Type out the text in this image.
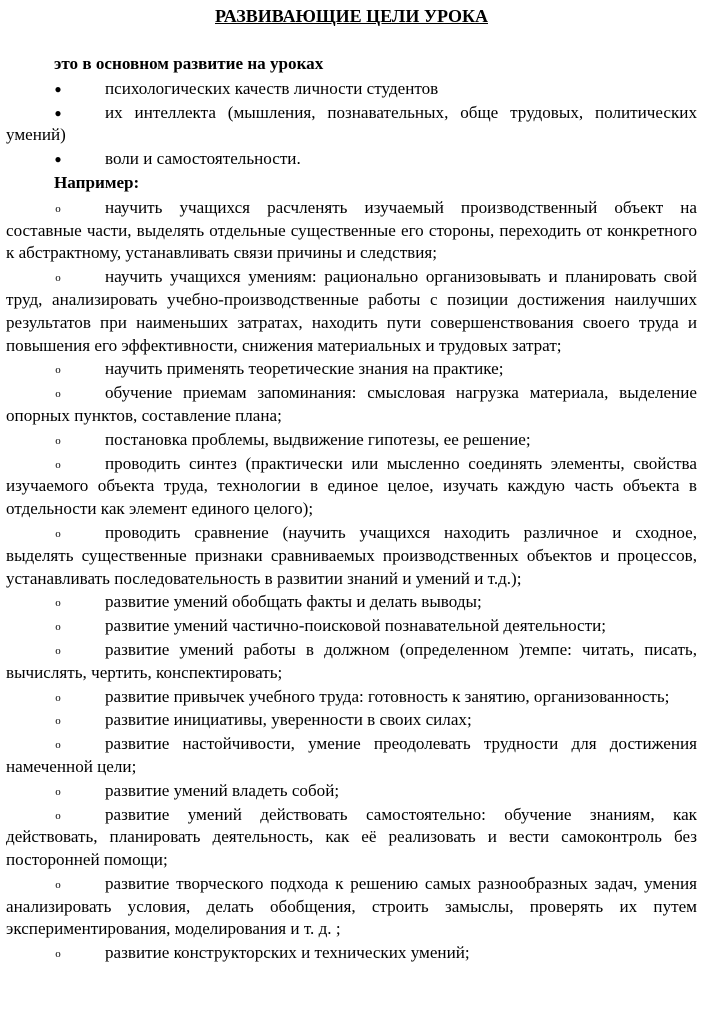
РАЗВИВАЮЩИЕ ЦЕЛИ УРОКА
это в основном развитие на уроках
●	психологических качеств личности студентов
●	их интеллекта (мышления, познавательных, обще трудовых, политических умений)
●	воли и самостоятельности.
Например:
o	научить учащихся расчленять изучаемый производственный объект на составные части, выделять отдельные существенные его стороны, переходить от конкретного к абстрактному, устанавливать связи причины и следствия;
o	научить учащихся умениям: рационально организовывать и планировать свой труд, анализировать учебно-производственные работы с позиции достижения наилучших результатов при наименьших затратах, находить пути совершенствования своего труда и повышения его эффективности, снижения материальных и трудовых затрат;
o	научить применять теоретические знания на практике;
o	обучение приемам запоминания: смысловая нагрузка материала, выделение опорных пунктов, составление плана;
o	постановка проблемы, выдвижение гипотезы, ее решение;
o	проводить синтез (практически или мысленно соединять элементы, свойства изучаемого объекта труда, технологии в единое целое, изучать каждую часть объекта в отдельности как элемент единого целого);
o	проводить сравнение (научить учащихся находить различное и сходное, выделять существенные признаки сравниваемых производственных объектов и процессов, устанавливать последовательность в развитии знаний и умений и т.д.);
o	развитие умений обобщать факты и делать выводы;
o	развитие умений частично-поисковой познавательной деятельности;
o	развитие умений работы в должном (определенном )темпе: читать, писать, вычислять, чертить, конспектировать;
o	развитие привычек учебного труда: готовность к занятию, организованность;
o	развитие инициативы, уверенности в своих силах;
o	развитие настойчивости, умение преодолевать трудности для достижения намеченной цели;
o	развитие умений владеть собой;
o	развитие умений действовать самостоятельно: обучение знаниям, как действовать, планировать деятельность, как её реализовать и вести самоконтроль без посторонней помощи;
o	развитие творческого подхода к решению самых разнообразных задач, умения анализировать условия, делать обобщения, строить замыслы, проверять их путем экспериментирования, моделирования и т. д. ;
o	развитие конструкторских и технических умений;
